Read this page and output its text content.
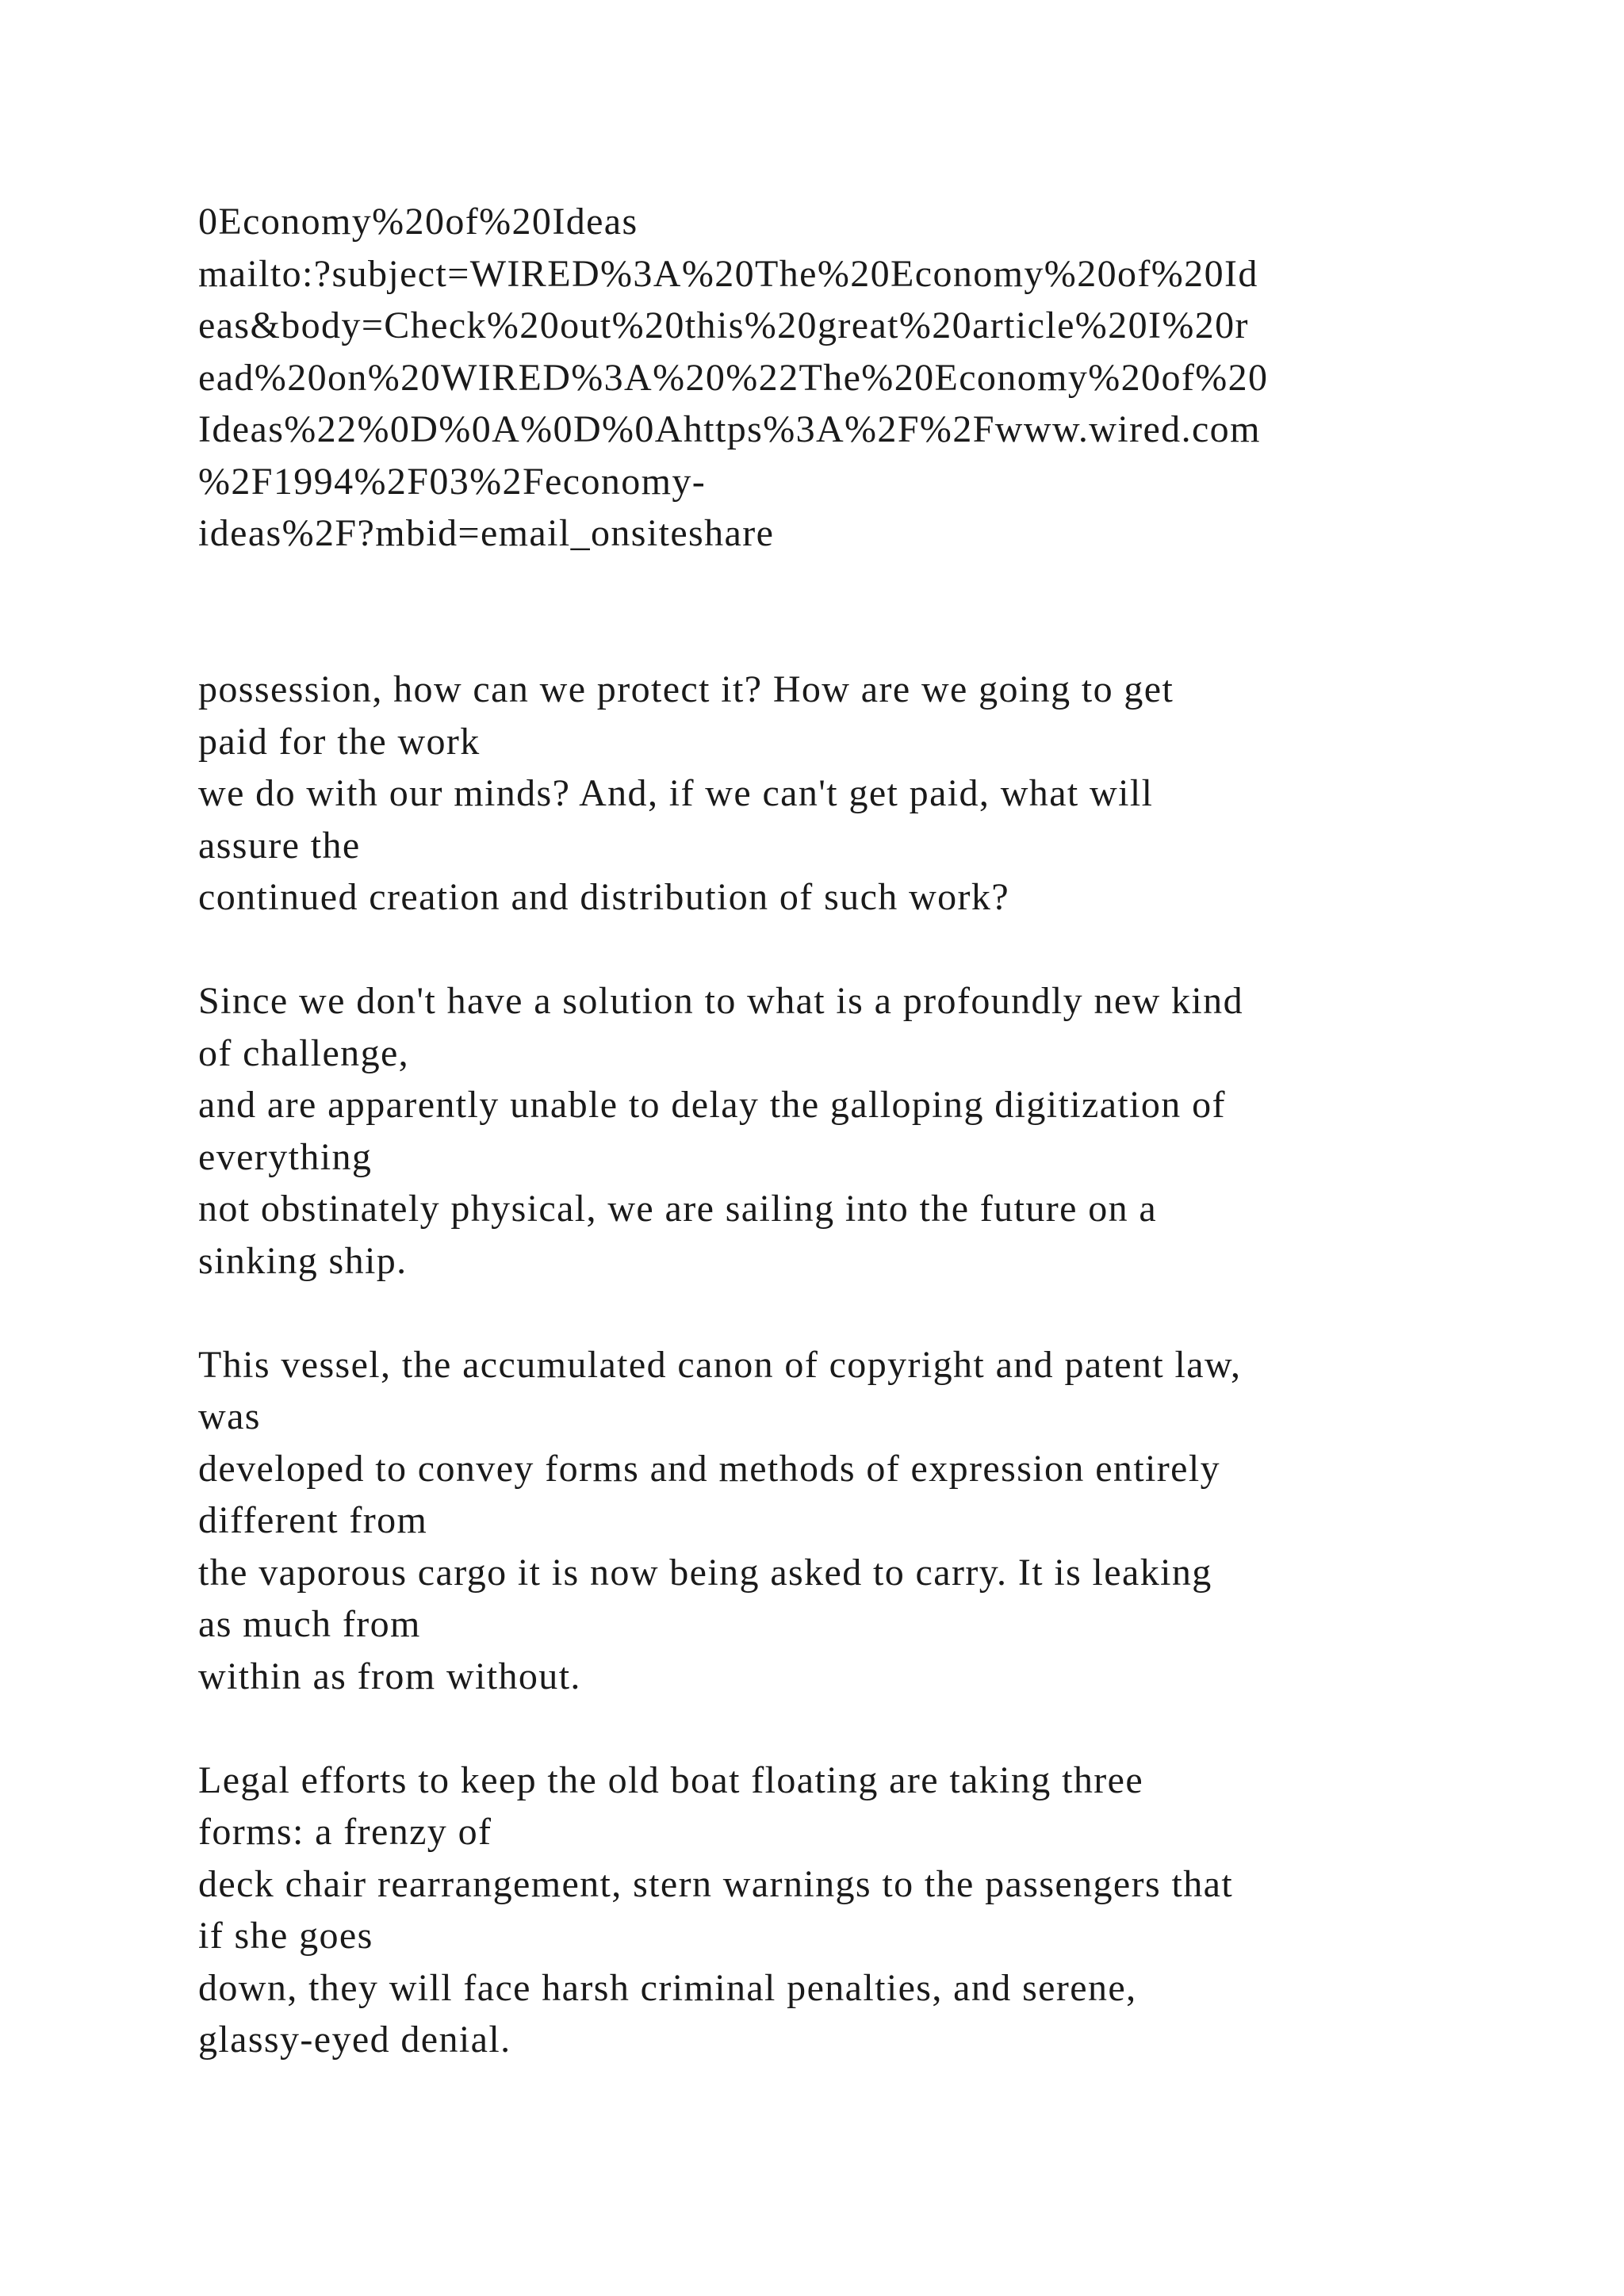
0Economy%20of%20Ideas
mailto:?subject=WIRED%3A%20The%20Economy%20of%20Id
eas&body=Check%20out%20this%20great%20article%20I%20r
ead%20on%20WIRED%3A%20%22The%20Economy%20of%20
Ideas%22%0D%0A%0D%0Ahttps%3A%2F%2Fwww.wired.com
%2F1994%2F03%2Feconomy-
ideas%2F?mbid=email_onsiteshare
possession, how can we protect it? How are we going to get
paid for the work
we do with our minds? And, if we can't get paid, what will
assure the
continued creation and distribution of such work?

Since we don't have a solution to what is a profoundly new kind
of challenge,
and are apparently unable to delay the galloping digitization of
everything
not obstinately physical, we are sailing into the future on a
sinking ship.

This vessel, the accumulated canon of copyright and patent law,
was
developed to convey forms and methods of expression entirely
different from
the vaporous cargo it is now being asked to carry. It is leaking
as much from
within as from without.

Legal efforts to keep the old boat floating are taking three
forms: a frenzy of
deck chair rearrangement, stern warnings to the passengers that
if she goes
down, they will face harsh criminal penalties, and serene,
glassy-eyed denial.
